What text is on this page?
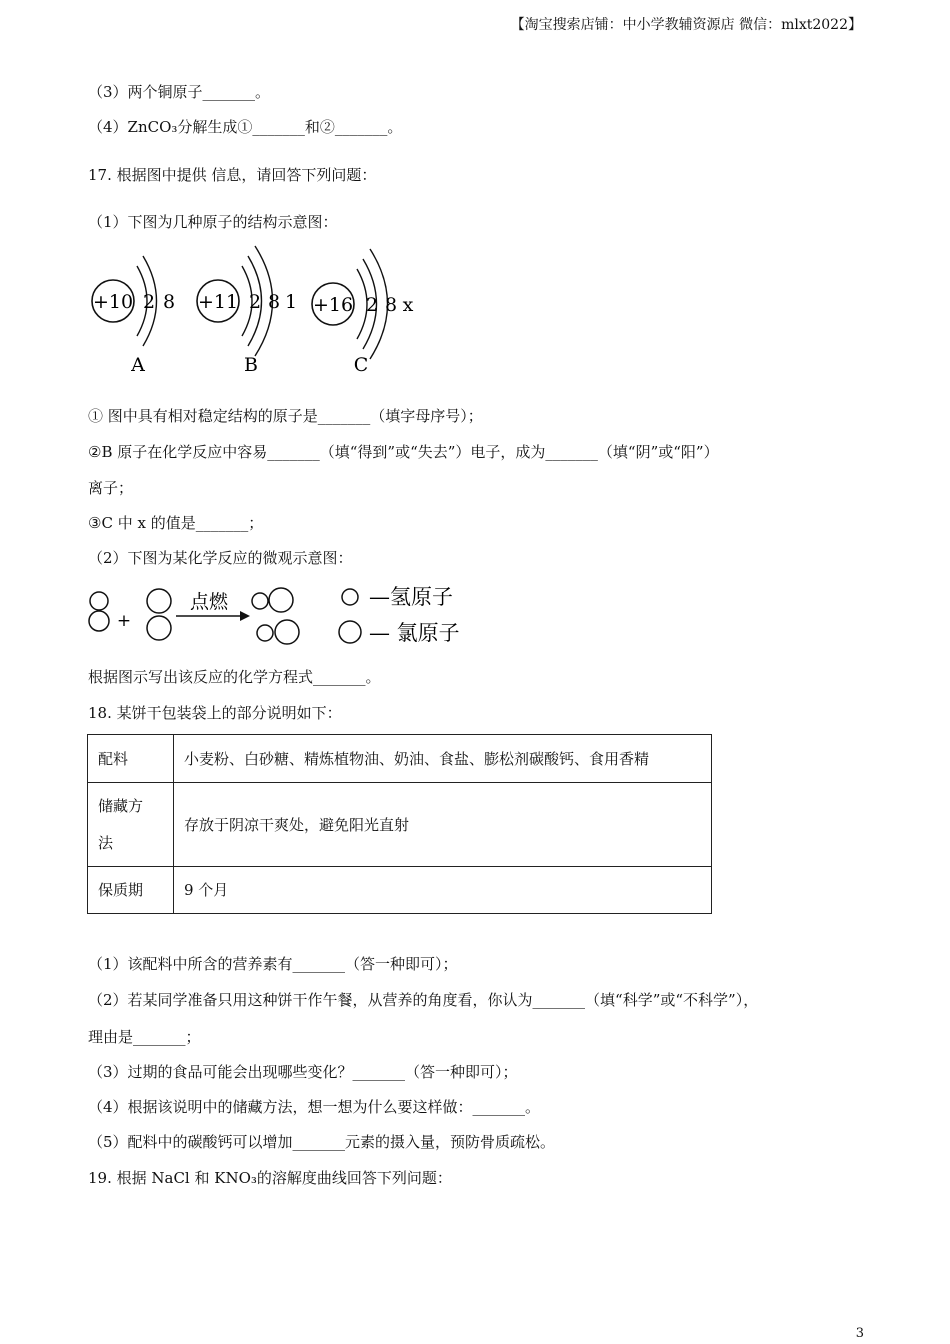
【淘宝搜索店铺：中小学教辅资源店 微信：mlxt2022】
（3）两个铜原子_______。
（4）ZnCO₃分解生成①_______和②_______。
17. 根据图中提供 信息，请回答下列问题：
（1）下图为几种原子的结构示意图：
+10 2 8
A
+11 2 8 1
B
+16 2 8 x
C
① 图中具有相对稳定结构的原子是_______（填字母序号）；
②B 原子在化学反应中容易_______（填“得到”或“失去”）电子，成为_______（填“阴”或“阳”）
离子；
③C 中 x 的值是_______；
（2）下图为某化学反应的微观示意图：
+
点燃	—氢原子
— 氯原子
根据图示写出该反应的化学方程式_______。
18. 某饼干包装袋上的部分说明如下：
配料	小麦粉、白砂糖、精炼植物油、奶油、食盐、膨松剂碳酸钙、食用香精
储藏方
法	存放于阴凉干爽处，避免阳光直射
保质期	9 个月
（1）该配料中所含的营养素有_______（答一种即可）；
（2）若某同学准备只用这种饼干作午餐，从营养的角度看，你认为_______（填“科学”或“不科学”），
理由是_______；
（3）过期的食品可能会出现哪些变化？_______（答一种即可）；
（4）根据该说明中的储藏方法，想一想为什么要这样做：_______。
（5）配料中的碳酸钙可以增加_______元素的摄入量，预防骨质疏松。
19. 根据 NaCl 和 KNO₃的溶解度曲线回答下列问题：
3
